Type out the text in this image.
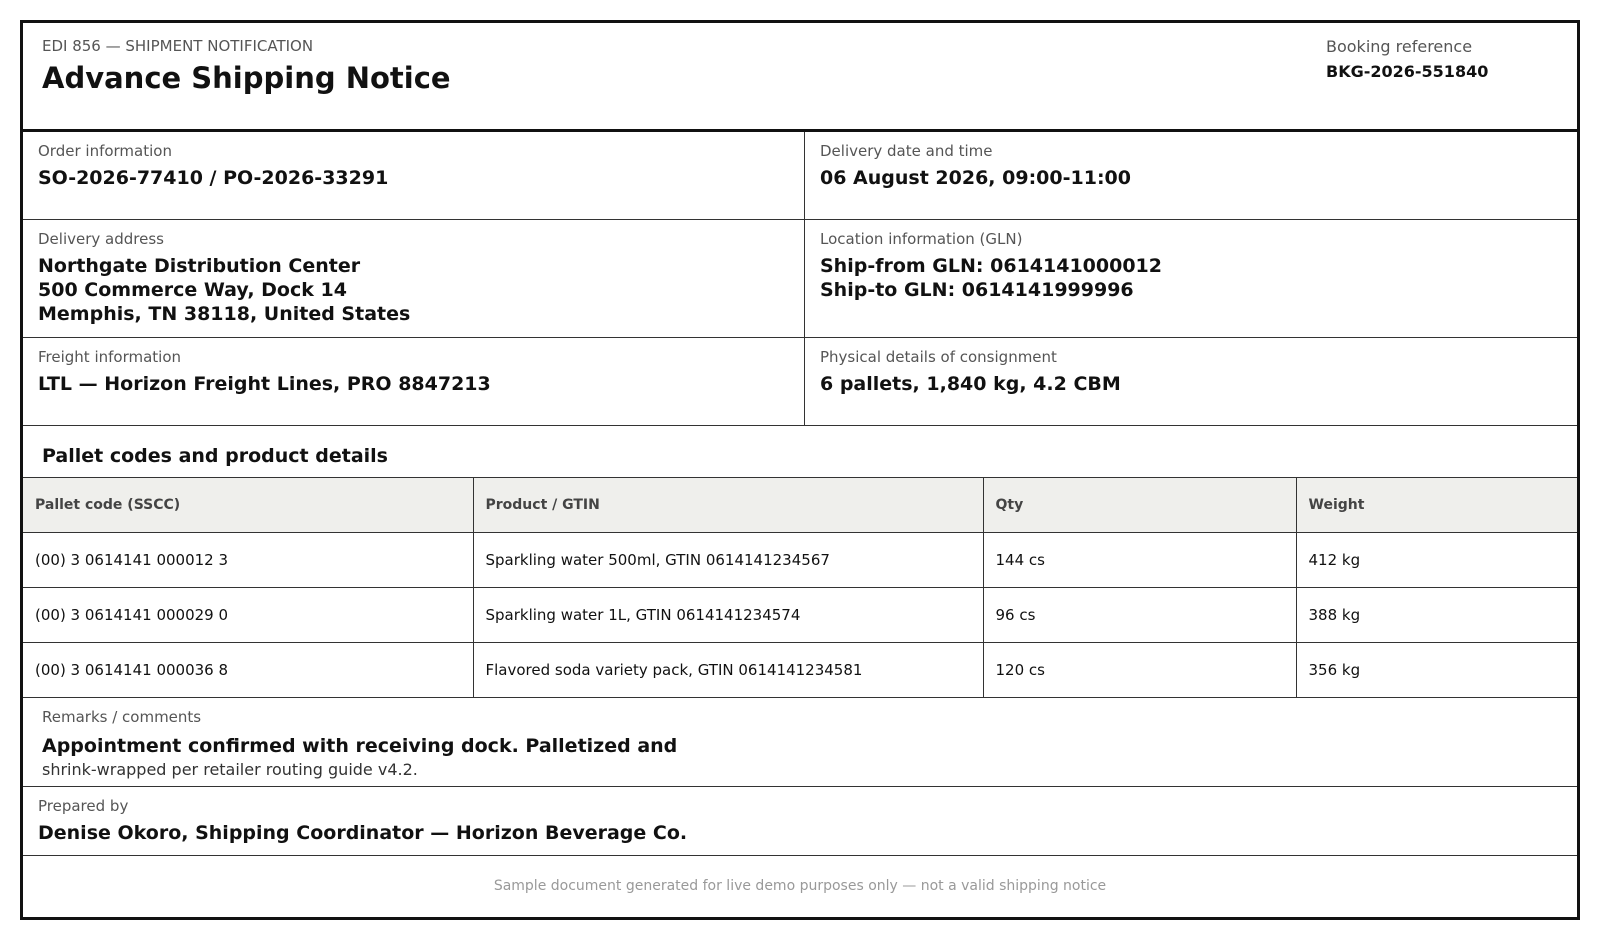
EDI 856 — SHIPMENT NOTIFICATION
Advance Shipping Notice
Booking reference
BKG-2026-551840
Order information
SO-2026-77410 / PO-2026-33291
Delivery date and time
06 August 2026, 09:00-11:00
Delivery address
Northgate Distribution Center
500 Commerce Way, Dock 14
Memphis, TN 38118, United States
Location information (GLN)
Ship-from GLN: 0614141000012
Ship-to GLN: 0614141999996
Freight information
LTL — Horizon Freight Lines, PRO 8847213
Physical details of consignment
6 pallets, 1,840 kg, 4.2 CBM
Pallet codes and product details
Pallet code (SSCC)	Product / GTIN	Qty	Weight
(00) 3 0614141 000012 3	Sparkling water 500ml, GTIN 0614141234567	144 cs	412 kg
(00) 3 0614141 000029 0	Sparkling water 1L, GTIN 0614141234574	96 cs	388 kg
(00) 3 0614141 000036 8	Flavored soda variety pack, GTIN 0614141234581	120 cs	356 kg
Remarks / comments
Appointment confirmed with receiving dock. Palletized and
shrink-wrapped per retailer routing guide v4.2.
Prepared by
Denise Okoro, Shipping Coordinator — Horizon Beverage Co.
Sample document generated for live demo purposes only — not a valid shipping notice
